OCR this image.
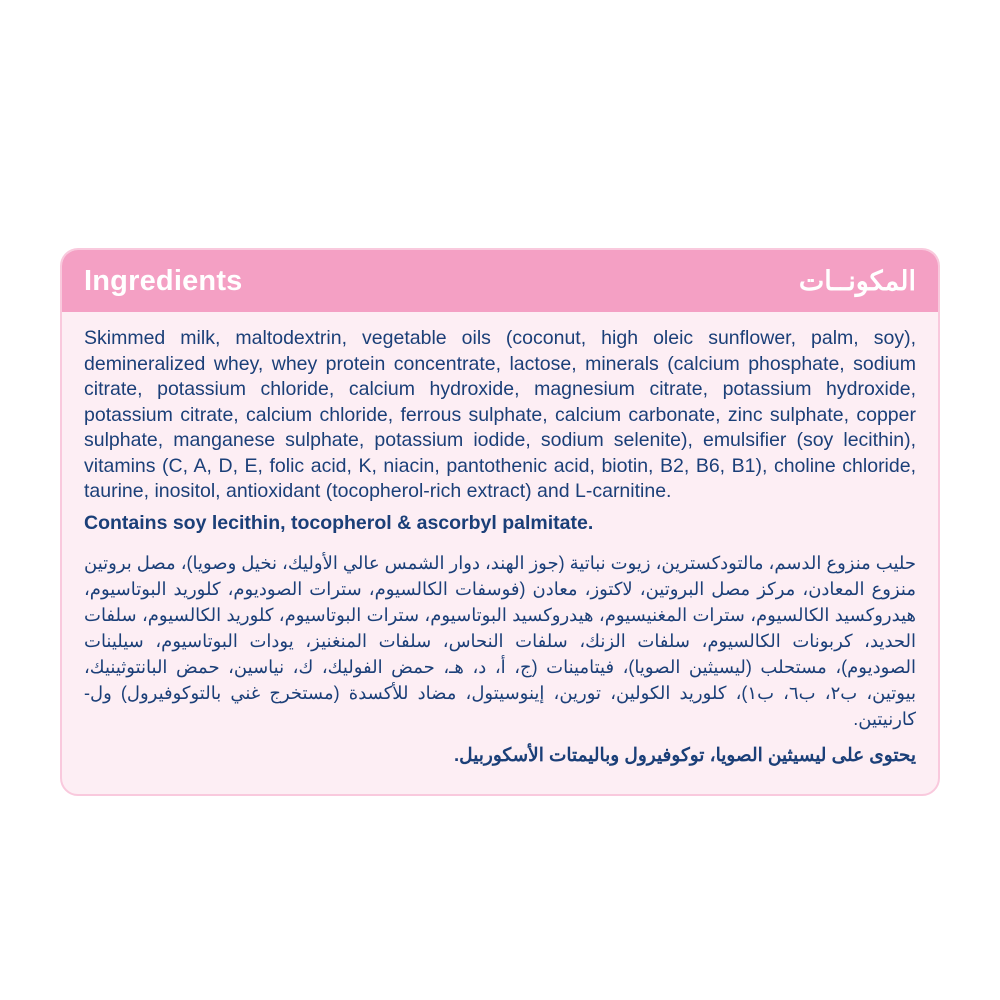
Ingredients	المكونــات

Skimmed milk, maltodextrin, vegetable oils (coconut, high oleic sunflower, palm, soy), demineralized whey, whey protein concentrate, lactose, minerals (calcium phosphate, sodium citrate, potassium chloride, calcium hydroxide, magnesium citrate, potassium hydroxide, potassium citrate, calcium chloride, ferrous sulphate, calcium carbonate, zinc sulphate, copper sulphate, manganese sulphate, potassium iodide, sodium selenite), emulsifier (soy lecithin), vitamins (C, A, D, E, folic acid, K, niacin, pantothenic acid, biotin, B2, B6, B1), choline chloride, taurine, inositol, antioxidant (tocopherol-rich extract) and L-carnitine.

Contains soy lecithin, tocopherol & ascorbyl palmitate.

حليب منزوع الدسم، مالتودكسترين، زيوت نباتية (جوز الهند، دوار الشمس عالي الأوليك، نخيل وصويا)، مصل بروتين منزوع المعادن، مركز مصل البروتين، لاكتوز، معادن (فوسفات الكالسيوم، سترات الصوديوم، كلوريد البوتاسيوم، هيدروكسيد الكالسيوم، سترات المغنيسيوم، هيدروكسيد البوتاسيوم، سترات البوتاسيوم، كلوريد الكالسيوم، سلفات الحديد، كربونات الكالسيوم، سلفات الزنك، سلفات النحاس، سلفات المنغنيز، يودات البوتاسيوم، سيلينات الصوديوم)، مستحلب (ليسيثين الصويا)، فيتامينات (ج، أ، د، هـ، حمض الفوليك، ك، نياسين، حمض البانتوثينيك، بيوتين، ب٢، ب٦، ب١)، كلوريد الكولين، تورين، إينوسيتول، مضاد للأكسدة (مستخرج غني بالتوكوفيرول) ول- كارنيتين.

يحتوى على ليسيثين الصويا، توكوفيرول وباليمتات الأسكوربيل.
